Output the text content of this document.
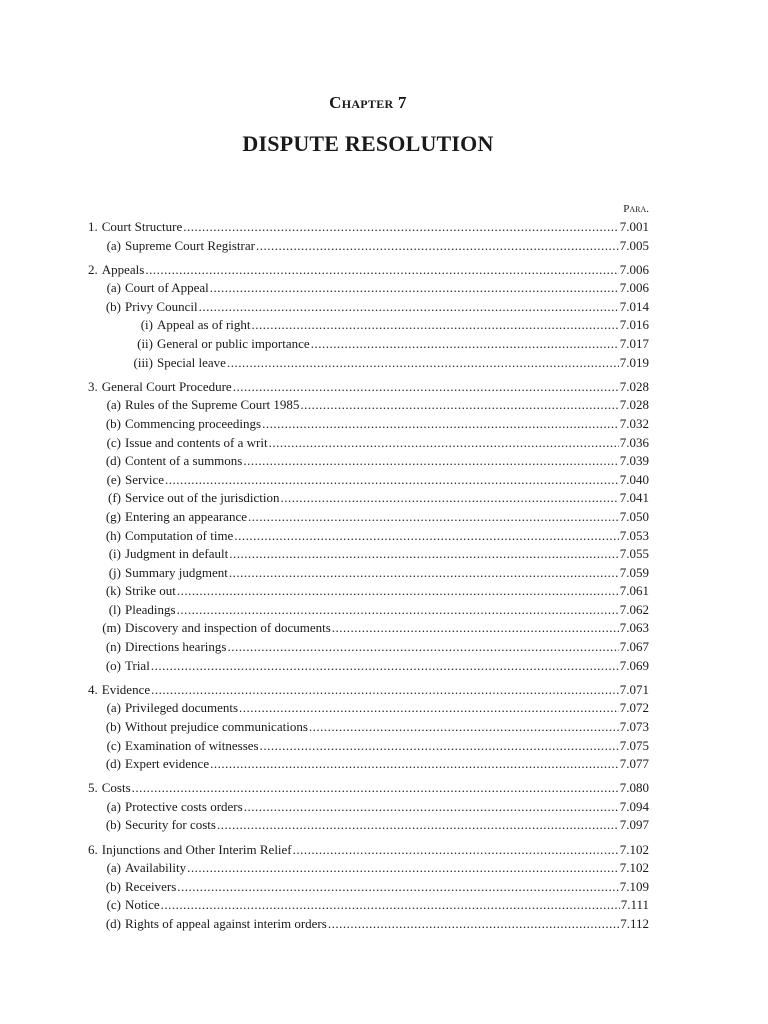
Chapter 7
DISPUTE RESOLUTION
Para.
1. Court Structure .....	7.001
(a) Supreme Court Registrar .....	7.005
2. Appeals .....	7.006
(a) Court of Appeal .....	7.006
(b) Privy Council .....	7.014
(i) Appeal as of right .....	7.016
(ii) General or public importance .....	7.017
(iii) Special leave .....	7.019
3. General Court Procedure .....	7.028
(a) Rules of the Supreme Court 1985 .....	7.028
(b) Commencing proceedings .....	7.032
(c) Issue and contents of a writ .....	7.036
(d) Content of a summons .....	7.039
(e) Service .....	7.040
(f) Service out of the jurisdiction .....	7.041
(g) Entering an appearance .....	7.050
(h) Computation of time .....	7.053
(i) Judgment in default .....	7.055
(j) Summary judgment .....	7.059
(k) Strike out .....	7.061
(l) Pleadings .....	7.062
(m) Discovery and inspection of documents .....	7.063
(n) Directions hearings .....	7.067
(o) Trial .....	7.069
4. Evidence .....	7.071
(a) Privileged documents .....	7.072
(b) Without prejudice communications .....	7.073
(c) Examination of witnesses .....	7.075
(d) Expert evidence .....	7.077
5. Costs .....	7.080
(a) Protective costs orders .....	7.094
(b) Security for costs .....	7.097
6. Injunctions and Other Interim Relief .....	7.102
(a) Availability .....	7.102
(b) Receivers .....	7.109
(c) Notice .....	7.111
(d) Rights of appeal against interim orders .....	7.112
